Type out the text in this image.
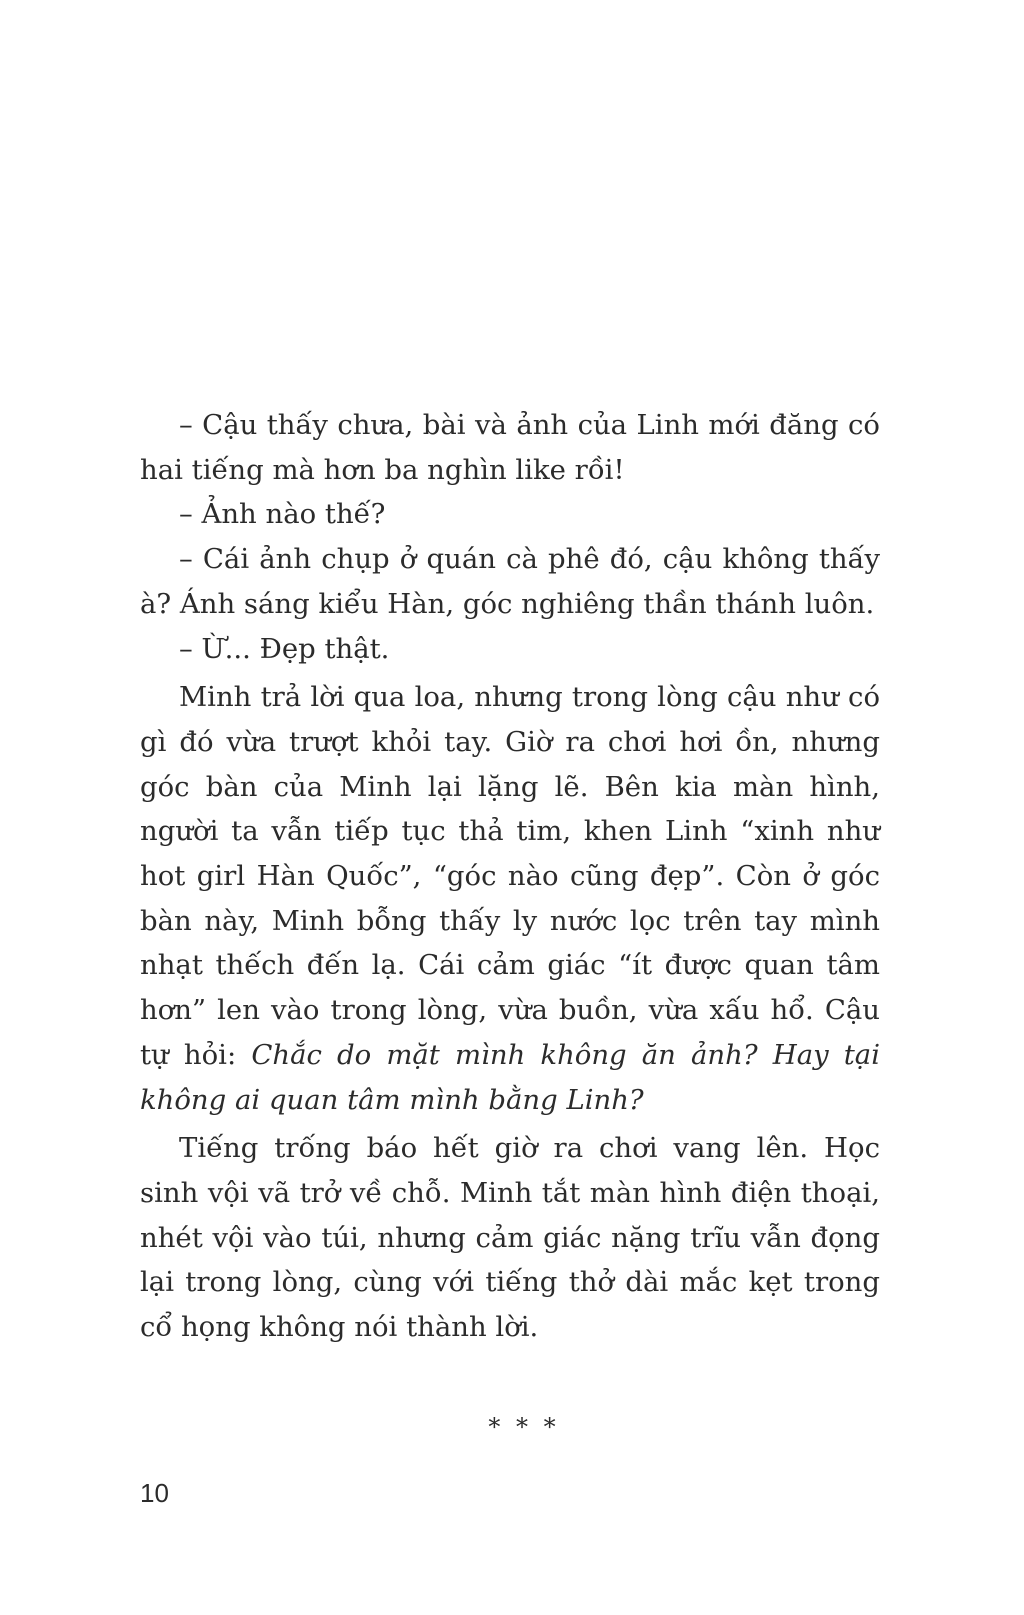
– Cậu thấy chưa, bài và ảnh của Linh mới đăng có hai tiếng mà hơn ba nghìn like rồi!

– Ảnh nào thế?

– Cái ảnh chụp ở quán cà phê đó, cậu không thấy à? Ánh sáng kiểu Hàn, góc nghiêng thần thánh luôn.

– Ừ... Đẹp thật.

Minh trả lời qua loa, nhưng trong lòng cậu như có gì đó vừa trượt khỏi tay. Giờ ra chơi hơi ồn, nhưng góc bàn của Minh lại lặng lẽ. Bên kia màn hình, người ta vẫn tiếp tục thả tim, khen Linh “xinh như hot girl Hàn Quốc”, “góc nào cũng đẹp”. Còn ở góc bàn này, Minh bỗng thấy ly nước lọc trên tay mình nhạt thếch đến lạ. Cái cảm giác “ít được quan tâm hơn” len vào trong lòng, vừa buồn, vừa xấu hổ. Cậu tự hỏi: Chắc do mặt mình không ăn ảnh? Hay tại không ai quan tâm mình bằng Linh?

Tiếng trống báo hết giờ ra chơi vang lên. Học sinh vội vã trở về chỗ. Minh tắt màn hình điện thoại, nhét vội vào túi, nhưng cảm giác nặng trĩu vẫn đọng lại trong lòng, cùng với tiếng thở dài mắc kẹt trong cổ họng không nói thành lời.

* * *
10
